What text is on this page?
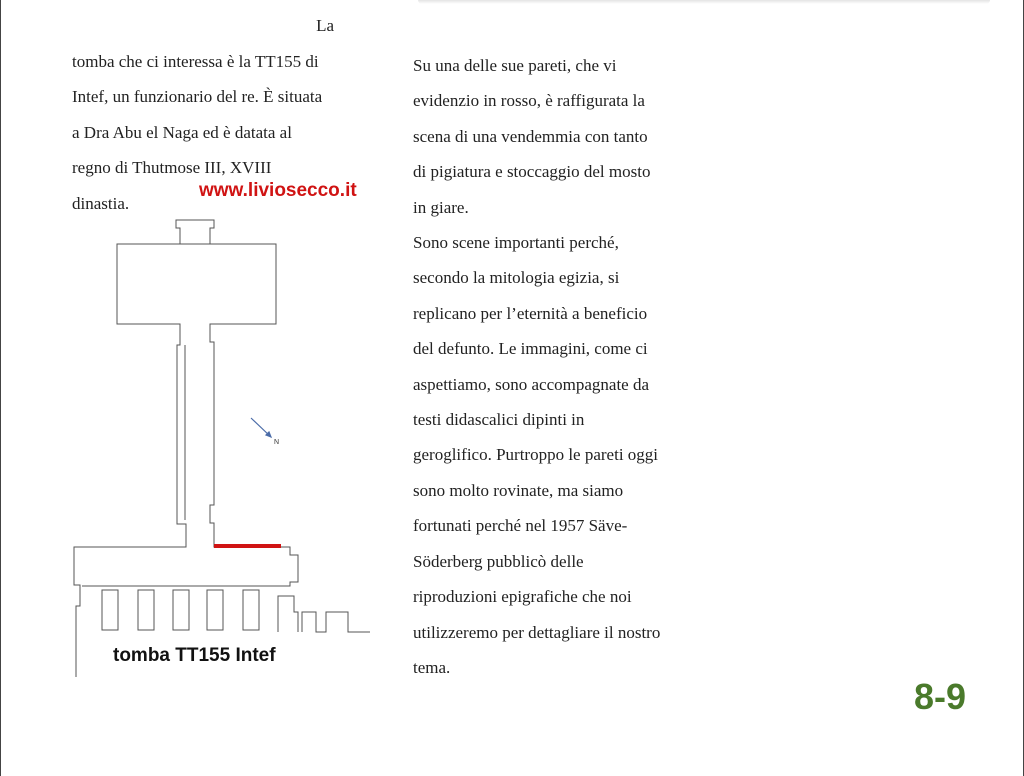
La
tomba che ci interessa è la TT155 di
Intef, un funzionario del re. È situata
a Dra Abu el Naga ed è datata al
regno di Thutmose III, XVIII
dinastia.
www.liviosecco.it
N
tomba TT155 Intef
Su una delle sue pareti, che vi
evidenzio in rosso, è raffigurata la
scena di una vendemmia con tanto
di pigiatura e stoccaggio del mosto
in giare.
Sono scene importanti perché,
secondo la mitologia egizia, si
replicano per l’eternità a beneficio
del defunto. Le immagini, come ci
aspettiamo, sono accompagnate da
testi didascalici dipinti in
geroglifico. Purtroppo le pareti oggi
sono molto rovinate, ma siamo
fortunati perché nel 1957 Säve-
Söderberg pubblicò delle
riproduzioni epigrafiche che noi
utilizzeremo per dettagliare il nostro
tema.
8-9
